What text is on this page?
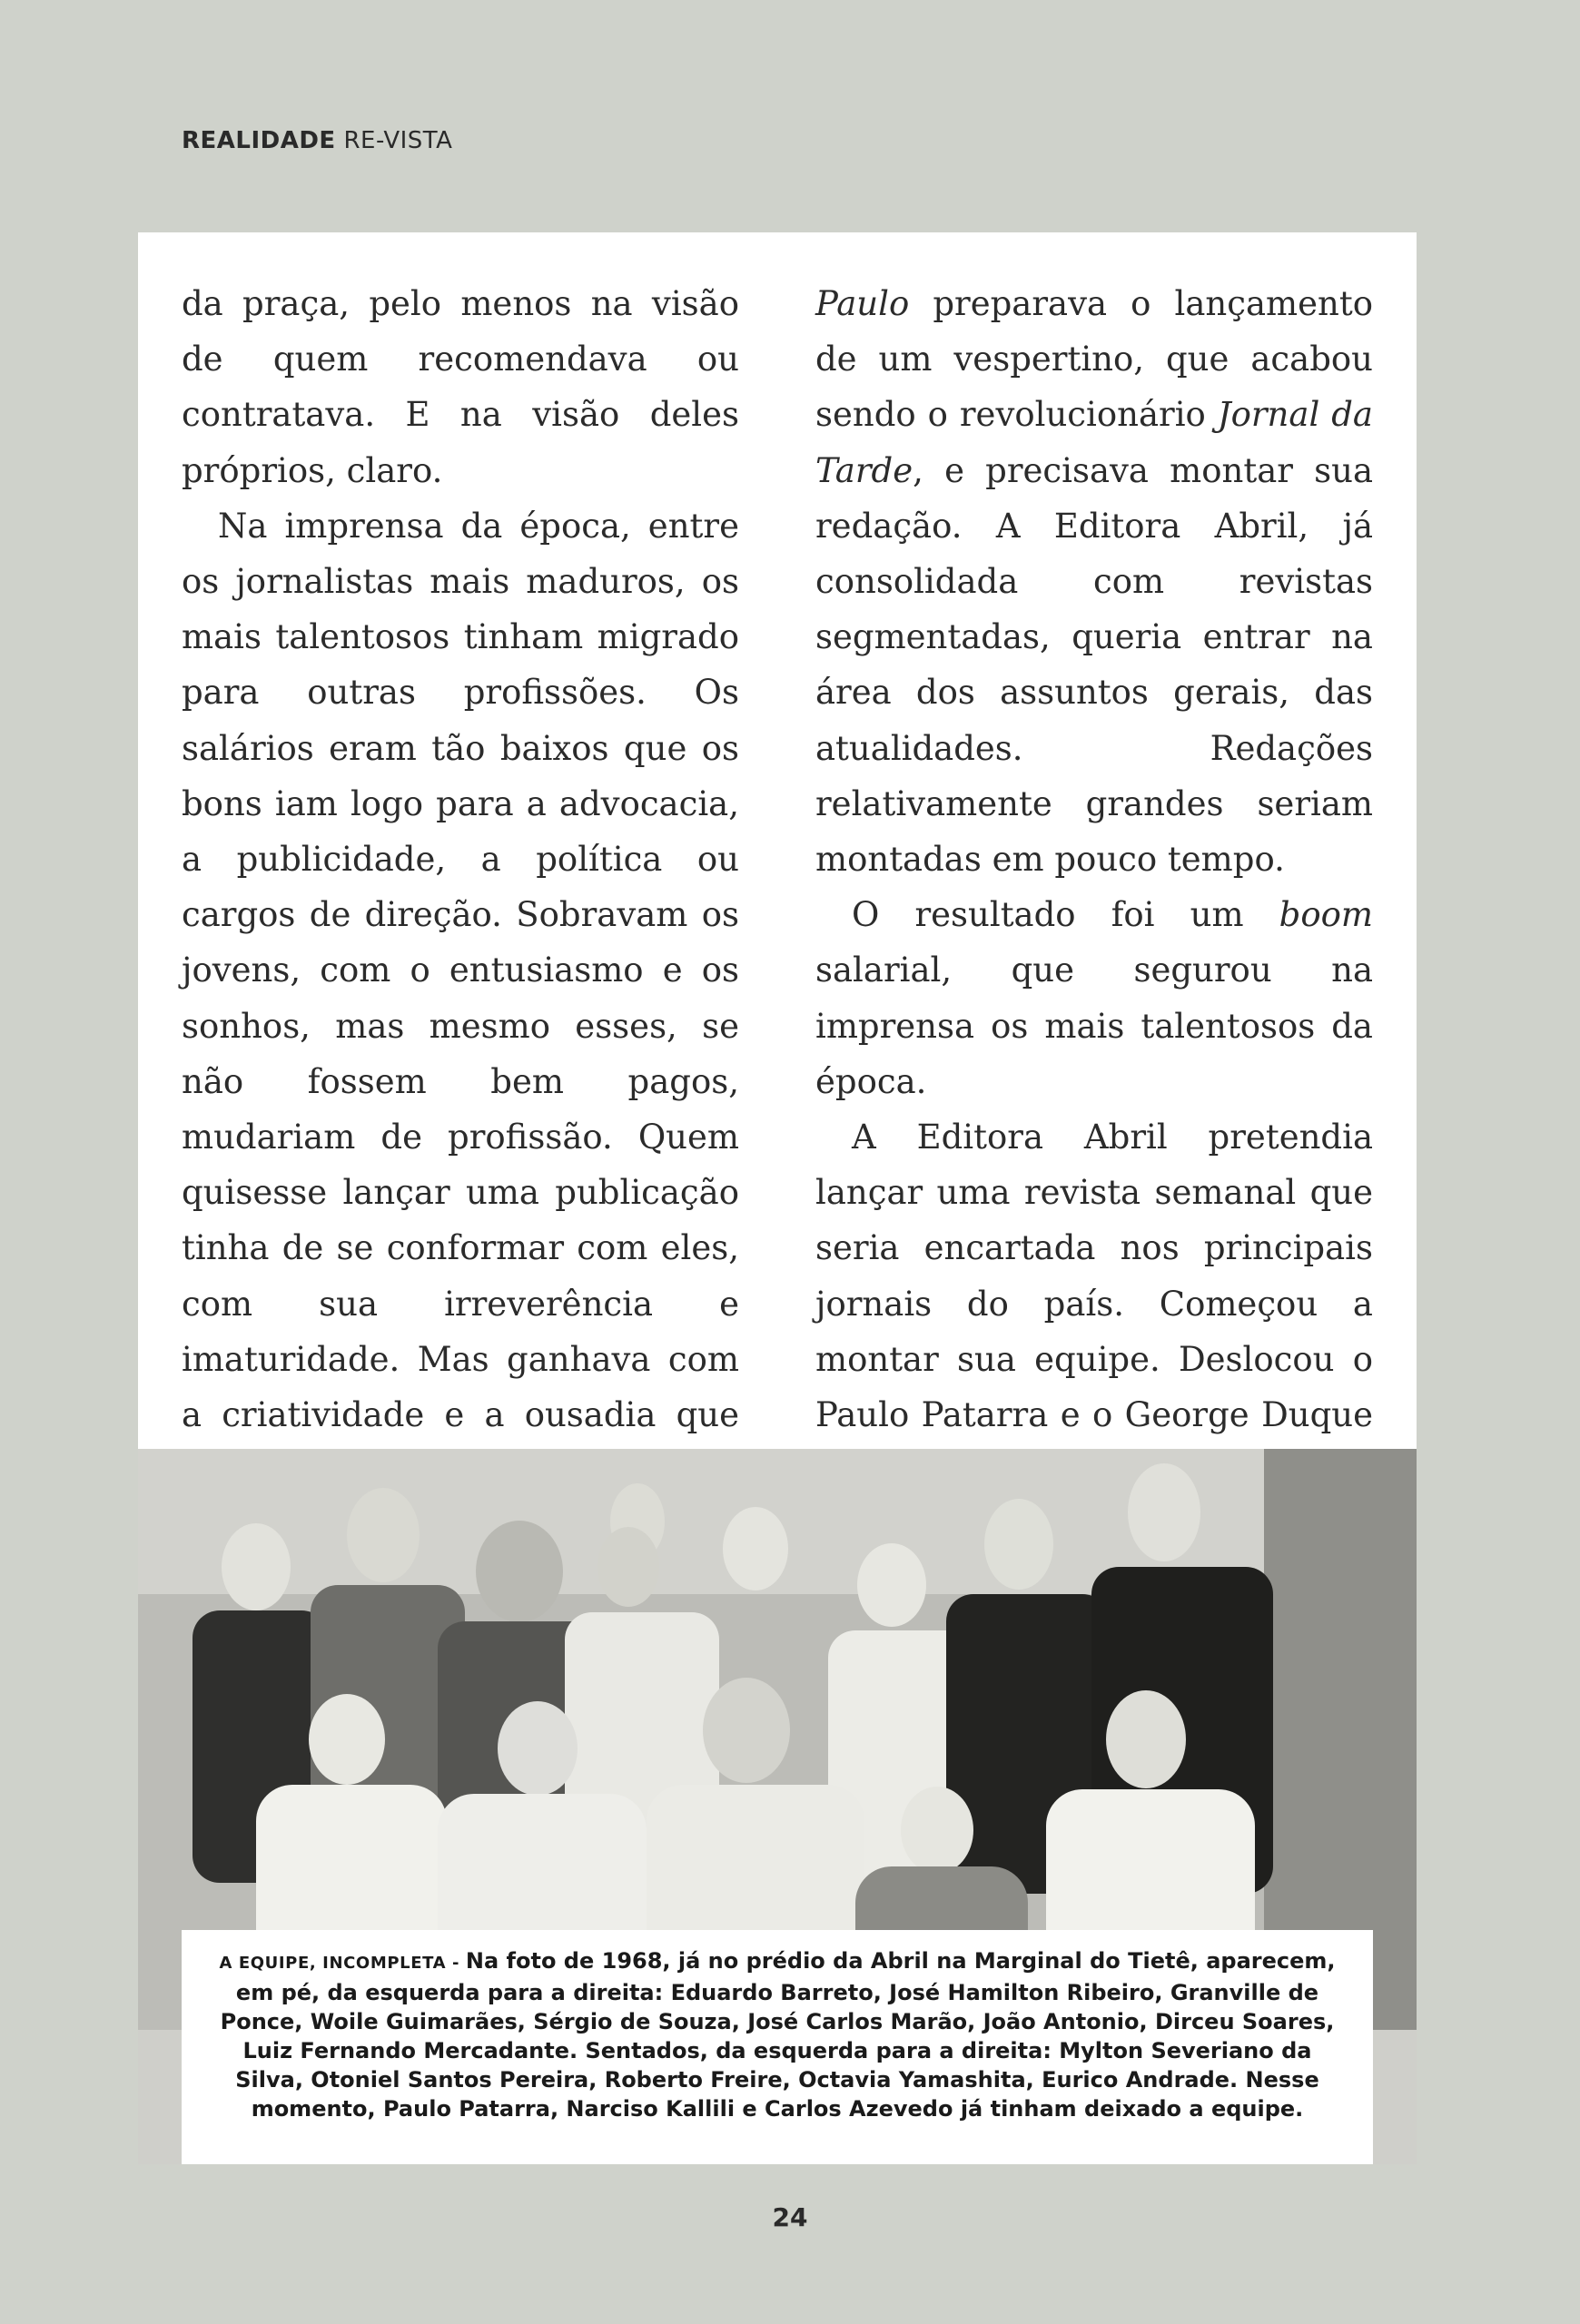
REALIDADE RE-VISTA

da praça, pelo menos na visão de quem recomendava ou contratava. E na visão deles próprios, claro.

Na imprensa da época, entre os jornalistas mais maduros, os mais talentosos tinham migrado para outras profissões. Os salários eram tão baixos que os bons iam logo para a advocacia, a publicidade, a política ou cargos de direção. Sobravam os jovens, com o entusiasmo e os sonhos, mas mesmo esses, se não fossem bem pagos, mudariam de profissão. Quem quisesse lançar uma publicação tinha de se conformar com eles, com sua irreverência e imaturidade. Mas ganhava com a criatividade e a ousadia que

Paulo preparava o lançamento de um vespertino, que acabou sendo o revolucionário Jornal da Tarde, e precisava montar sua redação. A Editora Abril, já consolidada com revistas segmentadas, queria entrar na área dos assuntos gerais, das atualidades. Redações relativamente grandes seriam montadas em pouco tempo.

O resultado foi um boom salarial, que segurou na imprensa os mais talentosos da época.

A Editora Abril pretendia lançar uma revista semanal que seria encartada nos principais jornais do país. Começou a montar sua equipe. Deslocou o Paulo Patarra e o George Duque

A EQUIPE, INCOMPLETA - Na foto de 1968, já no prédio da Abril na Marginal do Tietê, aparecem, em pé, da esquerda para a direita: Eduardo Barreto, José Hamilton Ribeiro, Granville de Ponce, Woile Guimarães, Sérgio de Souza, José Carlos Marão, João Antonio, Dirceu Soares, Luiz Fernando Mercadante. Sentados, da esquerda para a direita: Mylton Severiano da Silva, Otoniel Santos Pereira, Roberto Freire, Octavia Yamashita, Eurico Andrade. Nesse momento, Paulo Patarra, Narciso Kallili e Carlos Azevedo já tinham deixado a equipe.
24
